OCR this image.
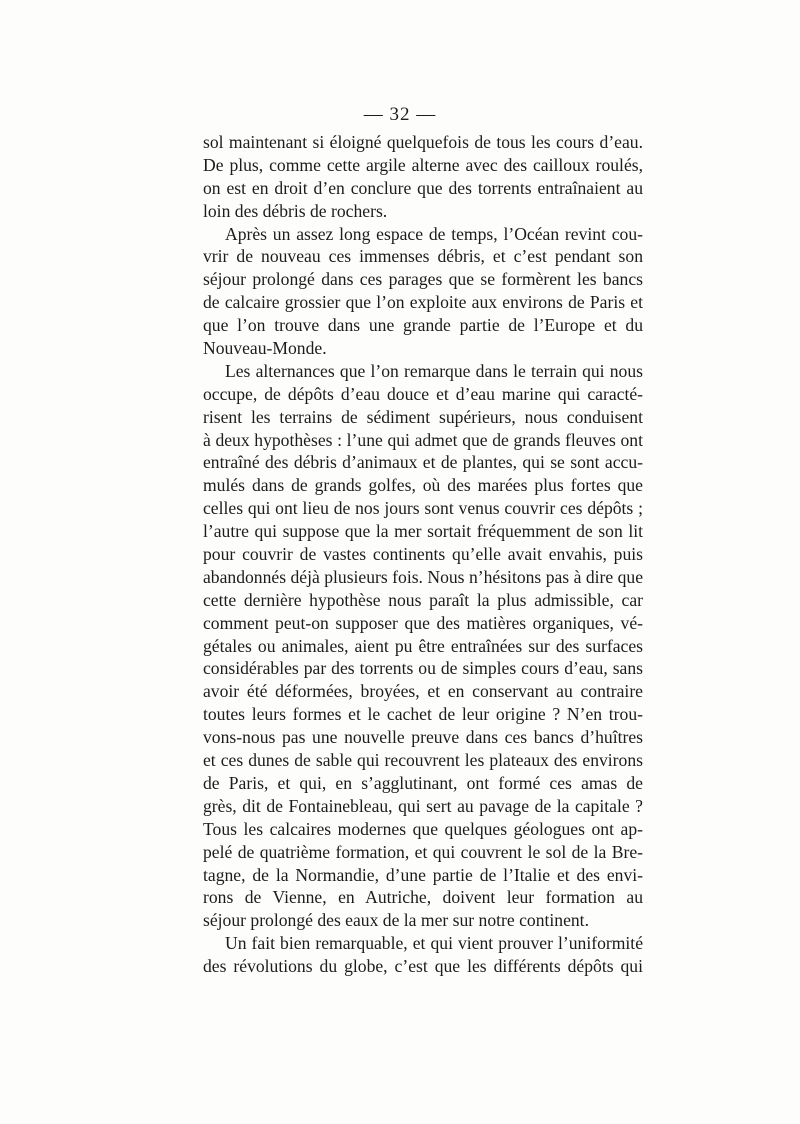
— 32 —
sol maintenant si éloigné quelquefois de tous les cours d’eau.
De plus, comme cette argile alterne avec des cailloux roulés,
on est en droit d’en conclure que des torrents entraînaient au
loin des débris de rochers.
Après un assez long espace de temps, l’Océan revint cou-
vrir de nouveau ces immenses débris, et c’est pendant son
séjour prolongé dans ces parages que se formèrent les bancs
de calcaire grossier que l’on exploite aux environs de Paris et
que l’on trouve dans une grande partie de l’Europe et du
Nouveau-Monde.
Les alternances que l’on remarque dans le terrain qui nous
occupe, de dépôts d’eau douce et d’eau marine qui caracté-
risent les terrains de sédiment supérieurs, nous conduisent
à deux hypothèses : l’une qui admet que de grands fleuves ont
entraîné des débris d’animaux et de plantes, qui se sont accu-
mulés dans de grands golfes, où des marées plus fortes que
celles qui ont lieu de nos jours sont venus couvrir ces dépôts ;
l’autre qui suppose que la mer sortait fréquemment de son lit
pour couvrir de vastes continents qu’elle avait envahis, puis
abandonnés déjà plusieurs fois. Nous n’hésitons pas à dire que
cette dernière hypothèse nous paraît la plus admissible, car
comment peut-on supposer que des matières organiques, vé-
gétales ou animales, aient pu être entraînées sur des surfaces
considérables par des torrents ou de simples cours d’eau, sans
avoir été déformées, broyées, et en conservant au contraire
toutes leurs formes et le cachet de leur origine ? N’en trou-
vons-nous pas une nouvelle preuve dans ces bancs d’huîtres
et ces dunes de sable qui recouvrent les plateaux des environs
de Paris, et qui, en s’agglutinant, ont formé ces amas de
grès, dit de Fontainebleau, qui sert au pavage de la capitale ?
Tous les calcaires modernes que quelques géologues ont ap-
pelé de quatrième formation, et qui couvrent le sol de la Bre-
tagne, de la Normandie, d’une partie de l’Italie et des envi-
rons de Vienne, en Autriche, doivent leur formation au
séjour prolongé des eaux de la mer sur notre continent.
Un fait bien remarquable, et qui vient prouver l’uniformité
des révolutions du globe, c’est que les différents dépôts qui
